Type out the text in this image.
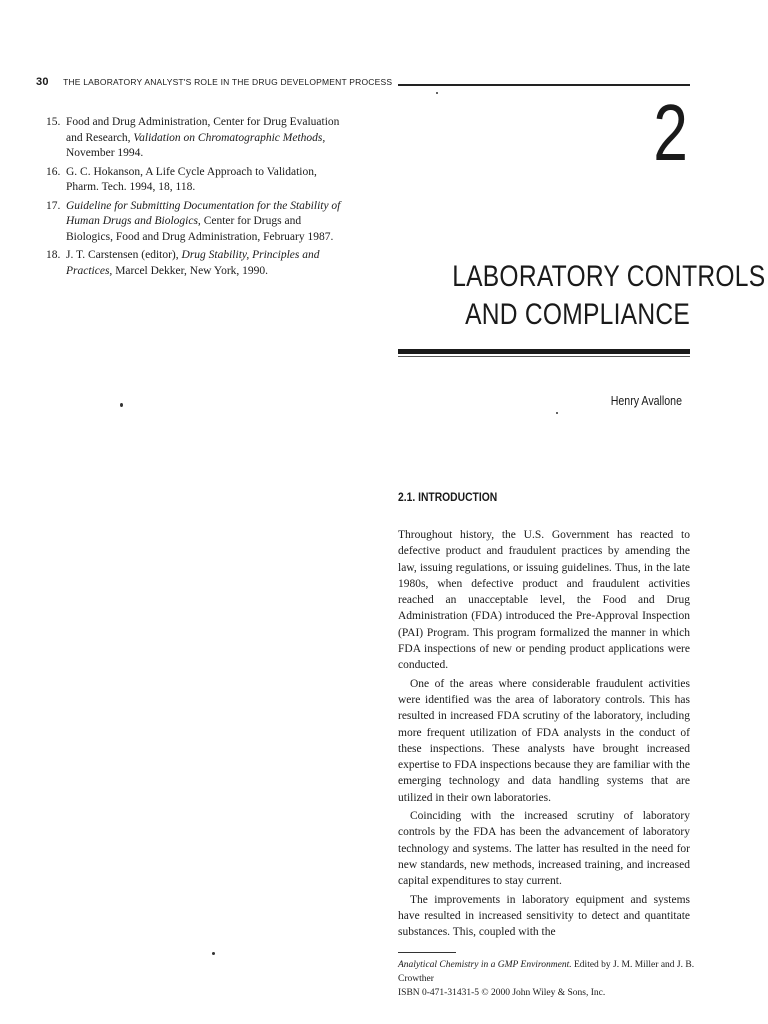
30 THE LABORATORY ANALYST'S ROLE IN THE DRUG DEVELOPMENT PROCESS
15. Food and Drug Administration, Center for Drug Evaluation and Research, Validation on Chromatographic Methods, November 1994.
16. G. C. Hokanson, A Life Cycle Approach to Validation, Pharm. Tech. 1994, 18, 118.
17. Guideline for Submitting Documentation for the Stability of Human Drugs and Biologics, Center for Drugs and Biologics, Food and Drug Administration, February 1987.
18. J. T. Carstensen (editor), Drug Stability, Principles and Practices, Marcel Dekker, New York, 1990.
2
LABORATORY CONTROLS
AND COMPLIANCE
Henry Avallone
2.1. INTRODUCTION

Throughout history, the U.S. Government has reacted to defective product and fraudulent practices by amending the law, issuing regulations, or issuing guidelines. Thus, in the late 1980s, when defective product and fraudulent activities reached an unacceptable level, the Food and Drug Administration (FDA) introduced the Pre-Approval Inspection (PAI) Program. This program formalized the manner in which FDA inspections of new or pending product applications were conducted.

One of the areas where considerable fraudulent activities were identified was the area of laboratory controls. This has resulted in increased FDA scrutiny of the laboratory, including more frequent utilization of FDA analysts in the conduct of these inspections. These analysts have brought increased expertise to FDA inspections because they are familiar with the emerging technology and data handling systems that are utilized in their own laboratories.

Coinciding with the increased scrutiny of laboratory controls by the FDA has been the advancement of laboratory technology and systems. The latter has resulted in the need for new standards, new methods, increased training, and increased capital expenditures to stay current.

The improvements in laboratory equipment and systems have resulted in increased sensitivity to detect and quantitate substances. This, coupled with the

Analytical Chemistry in a GMP Environment. Edited by J. M. Miller and J. B. Crowther
ISBN 0-471-31431-5 © 2000 John Wiley & Sons, Inc.
